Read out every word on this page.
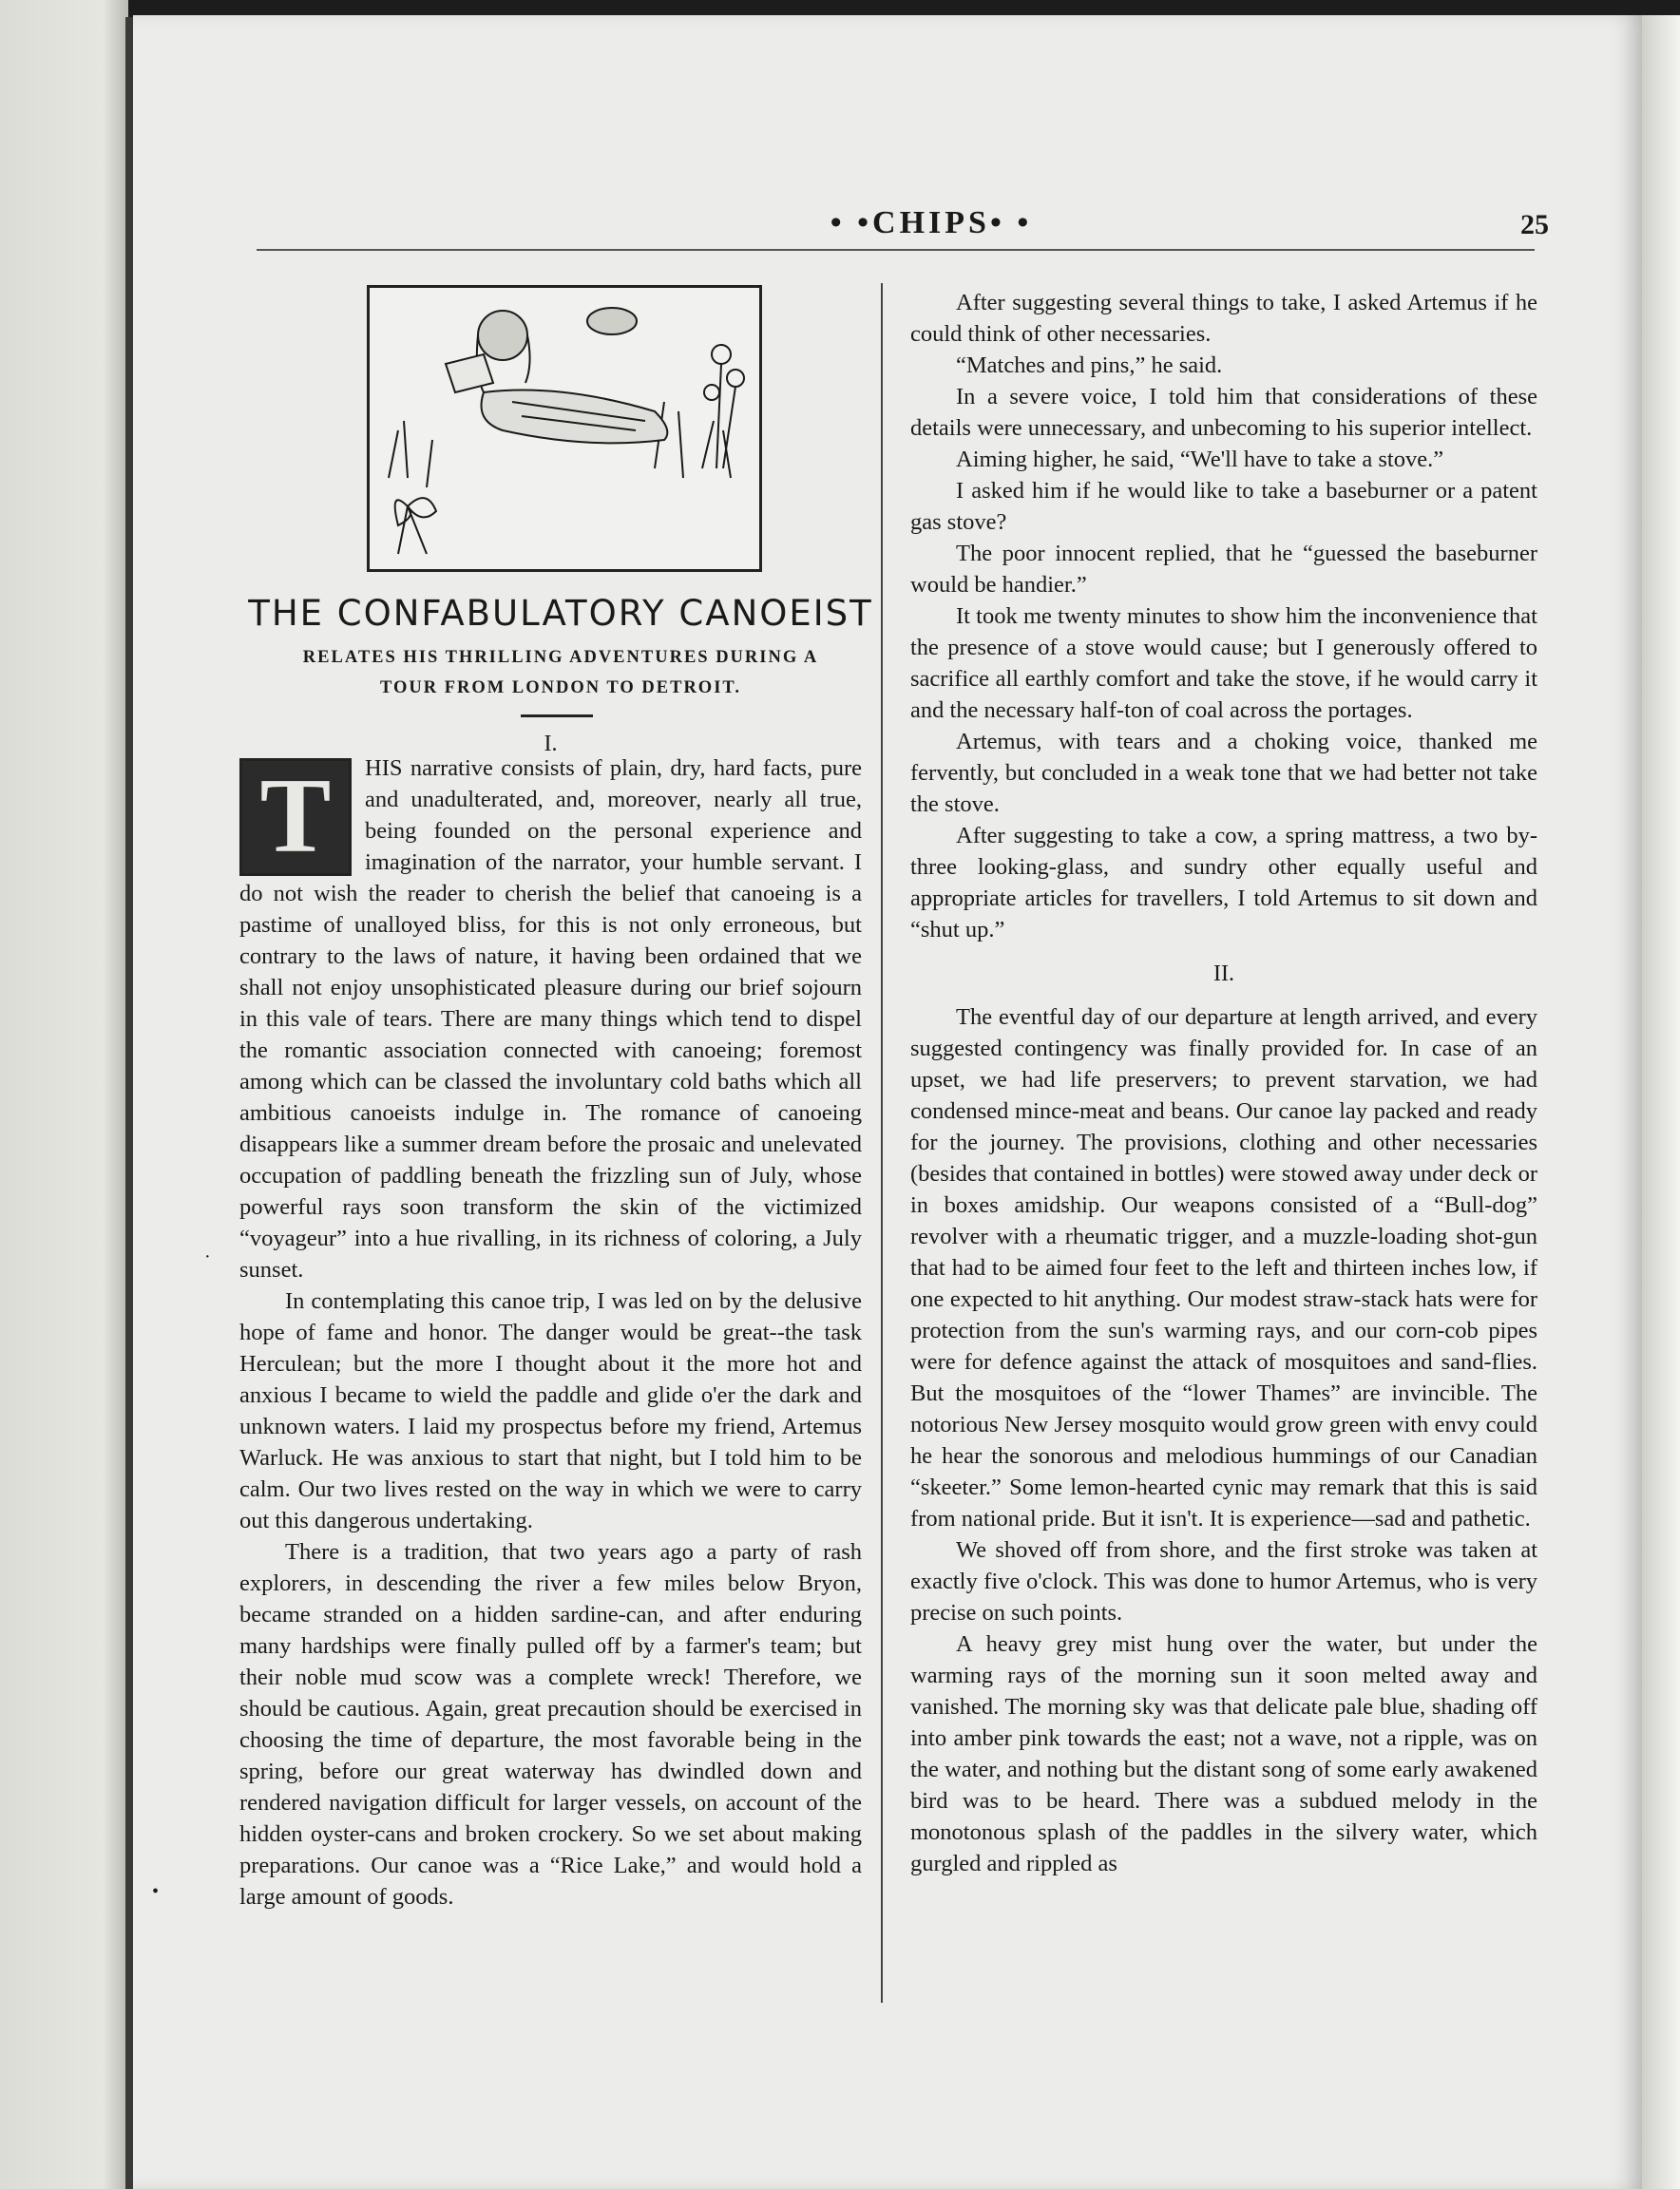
• •CHIPS• •	25
THE CONFABULATORY CANOEIST
RELATES HIS THRILLING ADVENTURES DURING A TOUR FROM LONDON TO DETROIT.
I.
T	HIS narrative consists of plain, dry, hard facts, pure and unadulterated, and, moreover, nearly all true, being founded on the personal experience and imagination of the narrator, your humble servant. I do not wish the reader to cherish the belief that canoeing is a pastime of unalloyed bliss, for this is not only erroneous, but contrary to the laws of nature, it having been ordained that we shall not enjoy unsophisticated pleasure during our brief sojourn in this vale of tears. There are many things which tend to dispel the romantic association connected with canoeing; foremost among which can be classed the involuntary cold baths which all ambitious canoeists indulge in. The romance of canoeing disappears like a summer dream before the prosaic and unelevated occupation of paddling beneath the frizzling sun of July, whose powerful rays soon transform the skin of the victimized “voyageur” into a hue rivalling, in its richness of coloring, a July sunset.

In contemplating this canoe trip, I was led on by the delusive hope of fame and honor. The danger would be great--the task Herculean; but the more I thought about it the more hot and anxious I became to wield the paddle and glide o'er the dark and unknown waters. I laid my prospectus before my friend, Artemus Warluck. He was anxious to start that night, but I told him to be calm. Our two lives rested on the way in which we were to carry out this dangerous undertaking.

There is a tradition, that two years ago a party of rash explorers, in descending the river a few miles below Bryon, became stranded on a hidden sardine-can, and after enduring many hardships were finally pulled off by a farmer's team; but their noble mud scow was a complete wreck! Therefore, we should be cautious. Again, great precaution should be exercised in choosing the time of departure, the most favorable being in the spring, before our great waterway has dwindled down and rendered navigation difficult for larger vessels, on account of the hidden oyster-cans and broken crockery. So we set about making preparations. Our canoe was a “Rice Lake,” and would hold a large amount of goods.

After suggesting several things to take, I asked Artemus if he could think of other necessaries.

“Matches and pins,” he said.

In a severe voice, I told him that considerations of these details were unnecessary, and unbecoming to his superior intellect.

Aiming higher, he said, “We'll have to take a stove.”

I asked him if he would like to take a baseburner or a patent gas stove?

The poor innocent replied, that he “guessed the baseburner would be handier.”

It took me twenty minutes to show him the inconvenience that the presence of a stove would cause; but I generously offered to sacrifice all earthly comfort and take the stove, if he would carry it and the necessary half-ton of coal across the portages.

Artemus, with tears and a choking voice, thanked me fervently, but concluded in a weak tone that we had better not take the stove.

After suggesting to take a cow, a spring mattress, a two by-three looking-glass, and sundry other equally useful and appropriate articles for travellers, I told Artemus to sit down and “shut up.”

II.

The eventful day of our departure at length arrived, and every suggested contingency was finally provided for. In case of an upset, we had life preservers; to prevent starvation, we had condensed mince-meat and beans. Our canoe lay packed and ready for the journey. The provisions, clothing and other necessaries (besides that contained in bottles) were stowed away under deck or in boxes amidship. Our weapons consisted of a “Bull-dog” revolver with a rheumatic trigger, and a muzzle-loading shot-gun that had to be aimed four feet to the left and thirteen inches low, if one expected to hit anything. Our modest straw-stack hats were for protection from the sun's warming rays, and our corn-cob pipes were for defence against the attack of mosquitoes and sand-flies. But the mosquitoes of the “lower Thames” are invincible. The notorious New Jersey mosquito would grow green with envy could he hear the sonorous and melodious hummings of our Canadian “skeeter.” Some lemon-hearted cynic may remark that this is said from national pride. But it isn't. It is experience—sad and pathetic.

We shoved off from shore, and the first stroke was taken at exactly five o'clock. This was done to humor Artemus, who is very precise on such points.

A heavy grey mist hung over the water, but under the warming rays of the morning sun it soon melted away and vanished. The morning sky was that delicate pale blue, shading off into amber pink towards the east; not a wave, not a ripple, was on the water, and nothing but the distant song of some early awakened bird was to be heard. There was a subdued melody in the monotonous splash of the paddles in the silvery water, which gurgled and rippled as

·
•
